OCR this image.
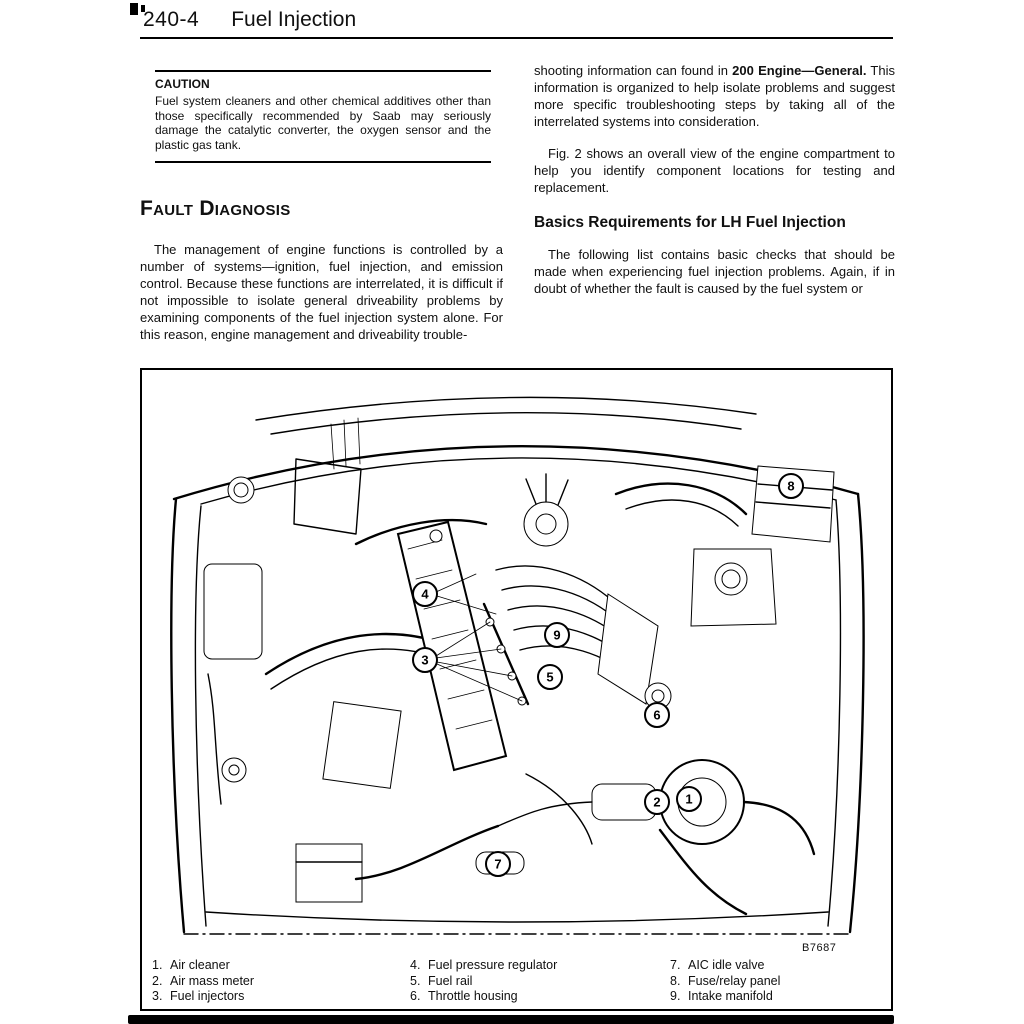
240-4 Fuel Injection

CAUTION

Fuel system cleaners and other chemical additives other than those specifically recommended by Saab may seriously damage the catalytic converter, the oxygen sensor and the plastic gas tank.

Fault Diagnosis

The management of engine functions is controlled by a number of systems—ignition, fuel injection, and emission control. Because these functions are interrelated, it is difficult if not impossible to isolate general driveability problems by examining components of the fuel injection system alone. For this reason, engine management and driveability trouble-

shooting information can found in 200 Engine—General. This information is organized to help isolate problems and suggest more specific troubleshooting steps by taking all of the interrelated systems into consideration.

Fig. 2 shows an overall view of the engine compartment to help you identify component locations for testing and replacement.

Basics Requirements for LH Fuel Injection

The following list contains basic checks that should be made when experiencing fuel injection problems. Again, if in doubt of whether the fault is caused by the fuel system or

1
2
3
4
5
6
7
8
9
B7687
1. Air cleaner
2. Air mass meter
3. Fuel injectors
4. Fuel pressure regulator
5. Fuel rail
6. Throttle housing
7. AIC idle valve
8. Fuse/relay panel
9. Intake manifold
